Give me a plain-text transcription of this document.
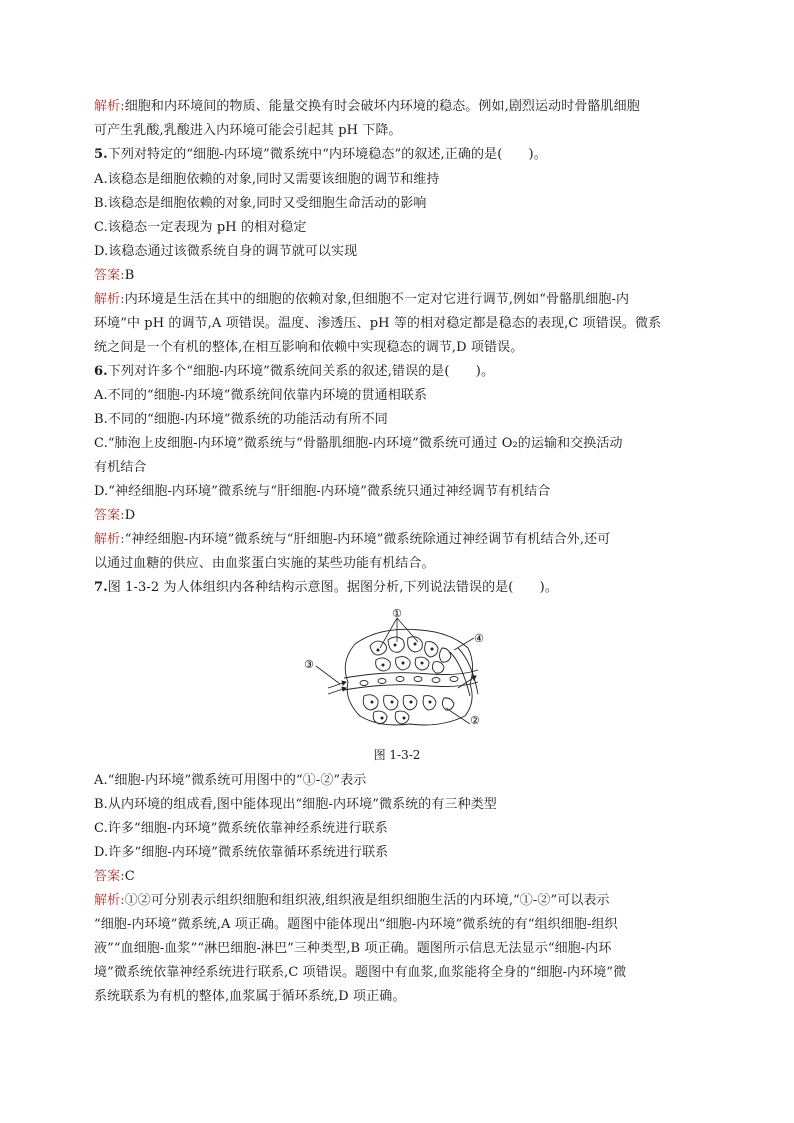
解析:细胞和内环境间的物质、能量交换有时会破坏内环境的稳态。例如,剧烈运动时骨骼肌细胞
可产生乳酸,乳酸进入内环境可能会引起其 pH 下降。
5.下列对特定的“细胞-内环境”微系统中“内环境稳态”的叙述,正确的是(　　)。
A.该稳态是细胞依赖的对象,同时又需要该细胞的调节和维持
B.该稳态是细胞依赖的对象,同时又受细胞生命活动的影响
C.该稳态一定表现为 pH 的相对稳定
D.该稳态通过该微系统自身的调节就可以实现
答案:B
解析:内环境是生活在其中的细胞的依赖对象,但细胞不一定对它进行调节,例如“骨骼肌细胞-内
环境”中 pH 的调节,A 项错误。温度、渗透压、pH 等的相对稳定都是稳态的表现,C 项错误。微系
统之间是一个有机的整体,在相互影响和依赖中实现稳态的调节,D 项错误。
6.下列对许多个“细胞-内环境”微系统间关系的叙述,错误的是(　　)。
A.不同的“细胞-内环境”微系统间依靠内环境的贯通相联系
B.不同的“细胞-内环境”微系统的功能活动有所不同
C.“肺泡上皮细胞-内环境”微系统与“骨骼肌细胞-内环境”微系统可通过 O₂的运输和交换活动
有机结合
D.“神经细胞-内环境”微系统与“肝细胞-内环境”微系统只通过神经调节有机结合
答案:D
解析:“神经细胞-内环境”微系统与“肝细胞-内环境”微系统除通过神经调节有机结合外,还可
以通过血糖的供应、由血浆蛋白实施的某些功能有机结合。
7.图 1-3-2 为人体组织内各种结构示意图。据图分析,下列说法错误的是(　　)。
①
②
③
④
图 1-3-2
A.“细胞-内环境”微系统可用图中的“①-②”表示
B.从内环境的组成看,图中能体现出“细胞-内环境”微系统的有三种类型
C.许多“细胞-内环境”微系统依靠神经系统进行联系
D.许多“细胞-内环境”微系统依靠循环系统进行联系
答案:C
解析:①②可分别表示组织细胞和组织液,组织液是组织细胞生活的内环境,“①-②”可以表示
“细胞-内环境”微系统,A 项正确。题图中能体现出“细胞-内环境”微系统的有“组织细胞-组织
液”“血细胞-血浆”“淋巴细胞-淋巴”三种类型,B 项正确。题图所示信息无法显示“细胞-内环
境”微系统依靠神经系统进行联系,C 项错误。题图中有血浆,血浆能将全身的“细胞-内环境”微
系统联系为有机的整体,血浆属于循环系统,D 项正确。
